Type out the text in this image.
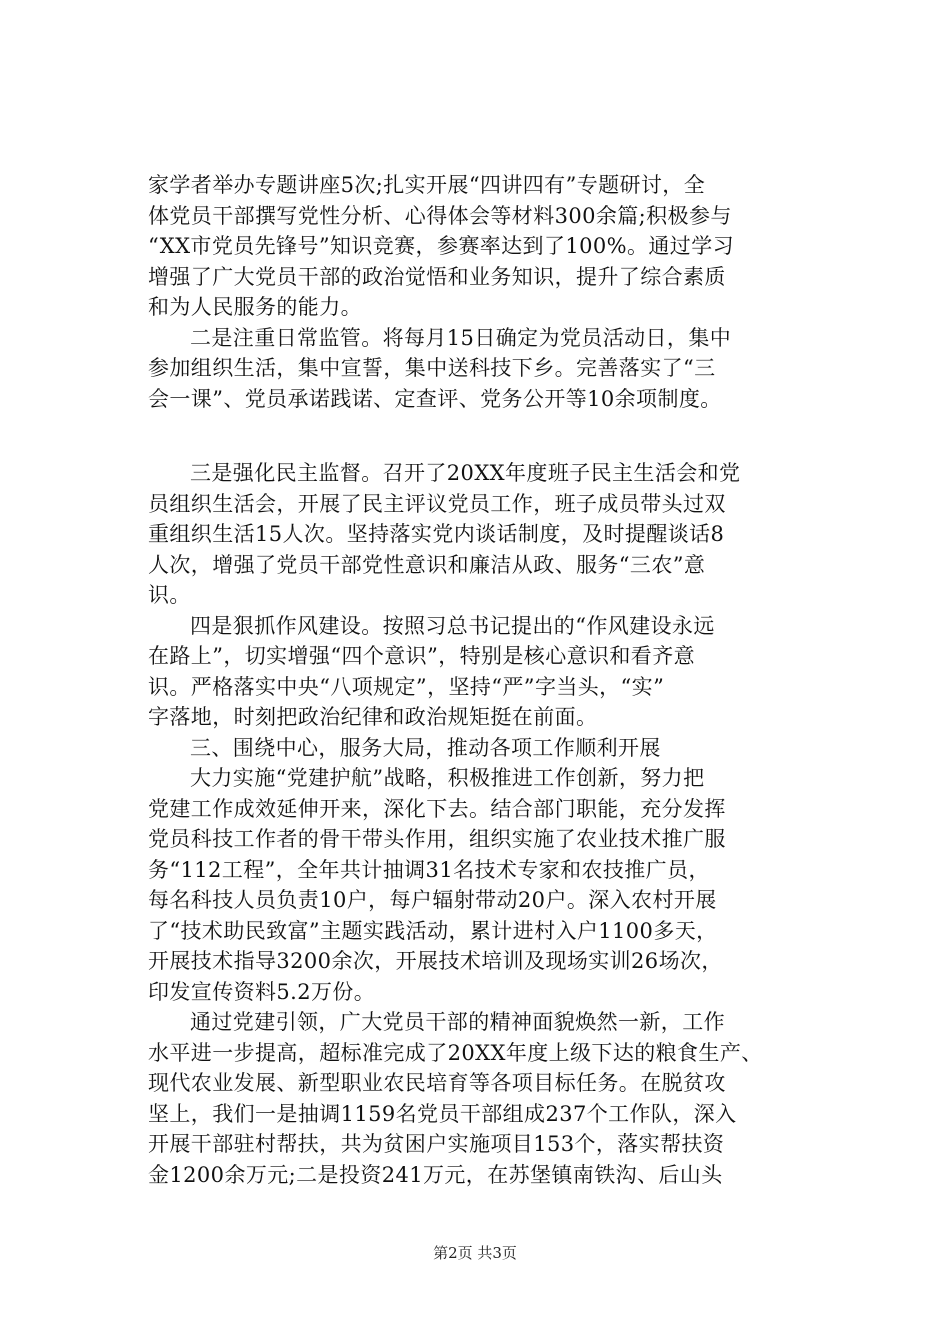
家学者举办专题讲座5次;扎实开展“四讲四有”专题研讨，全
体党员干部撰写党性分析、心得体会等材料300余篇;积极参与
“XX市党员先锋号”知识竞赛，参赛率达到了100%。通过学习
增强了广大党员干部的政治觉悟和业务知识，提升了综合素质
和为人民服务的能力。
二是注重日常监管。将每月15日确定为党员活动日，集中
参加组织生活，集中宣誓，集中送科技下乡。完善落实了“三
会一课”、党员承诺践诺、定查评、党务公开等10余项制度。
三是强化民主监督。召开了20XX年度班子民主生活会和党
员组织生活会，开展了民主评议党员工作，班子成员带头过双
重组织生活15人次。坚持落实党内谈话制度，及时提醒谈话8
人次，增强了党员干部党性意识和廉洁从政、服务“三农”意
识。
四是狠抓作风建设。按照习总书记提出的“作风建设永远
在路上”，切实增强“四个意识”，特别是核心意识和看齐意
识。严格落实中央“八项规定”，坚持“严”字当头，“实”
字落地，时刻把政治纪律和政治规矩挺在前面。
三、围绕中心，服务大局，推动各项工作顺利开展
大力实施“党建护航”战略，积极推进工作创新，努力把
党建工作成效延伸开来，深化下去。结合部门职能，充分发挥
党员科技工作者的骨干带头作用，组织实施了农业技术推广服
务“112工程”，全年共计抽调31名技术专家和农技推广员，
每名科技人员负责10户，每户辐射带动20户。深入农村开展
了“技术助民致富”主题实践活动，累计进村入户1100多天，
开展技术指导3200余次，开展技术培训及现场实训26场次，
印发宣传资料5.2万份。
通过党建引领，广大党员干部的精神面貌焕然一新，工作
水平进一步提高，超标准完成了20XX年度上级下达的粮食生产、
现代农业发展、新型职业农民培育等各项目标任务。在脱贫攻
坚上，我们一是抽调1159名党员干部组成237个工作队，深入
开展干部驻村帮扶，共为贫困户实施项目153个，落实帮扶资
金1200余万元;二是投资241万元，在苏堡镇南铁沟、后山头
第2页 共3页
